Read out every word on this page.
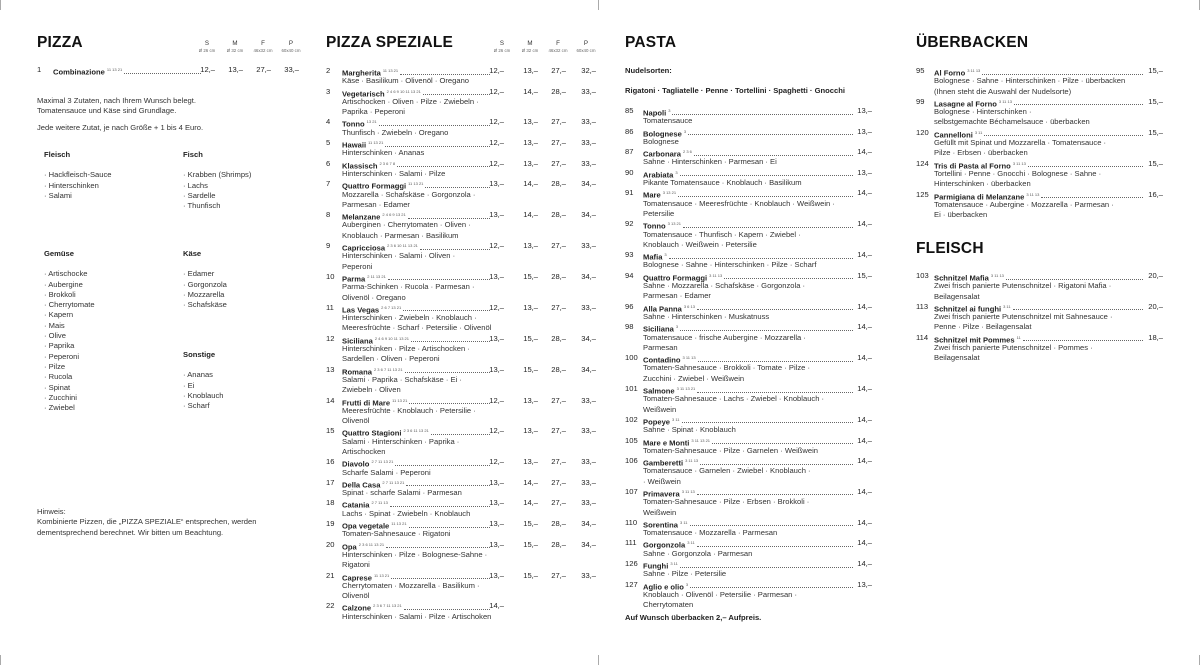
PIZZA	S
Ø 26 cm
M
Ø 32 cm
F
46x32 cm
P
60x40 cm
1	Combinazione $^{11 13 21}$	12,–	13,–	27,–	33,–
Maximal 3 Zutaten, nach Ihrem Wunsch belegt.
Tomatensauce und Käse sind Grundlage.
Jede weitere Zutat, je nach Größe + 1 bis 4 Euro.
Fleisch
· Hackfleisch-Sauce
· Hinterschinken
· Salami
Fisch
· Krabben (Shrimps)
· Lachs
· Sardelle
· Thunfisch
Gemüse
· Artischocke
· Aubergine
· Brokkoli
· Cherrytomate
· Kapern
· Mais
· Olive
· Paprika
· Peperoni
· Pilze
· Rucola
· Spinat
· Zucchini
· Zwiebel
Käse
· Edamer
· Gorgonzola
· Mozzarella
· Schafskäse
Sonstige
· Ananas
· Ei
· Knoblauch
· Scharf
Hinweis:
Kombinierte Pizzen, die „PIZZA SPEZIALE“ entsprechen, werden
dementsprechend berechnet. Wir bitten um Beachtung.
PIZZA SPEZIALE	S
Ø 26 cm
M
Ø 32 cm
F
46x32 cm
P
60x40 cm
2	Margherita $^{11 13 21}$	12,–	13,–	27,–	32,–
Käse · Basilikum · Olivenöl · Oregano
3	Vegetarisch $^{2 4 6 9 10 11 13 21}$	12,–	14,–	28,–	33,–
Artischocken · Oliven · Pilze · Zwiebeln ·
Paprika · Peperoni
4	Tonno $^{13 21}$	12,–	13,–	27,–	33,–
Thunfisch · Zwiebeln · Oregano
5	Hawaii $^{11 13 21}$	12,–	13,–	27,–	33,–
Hinterschinken · Ananas
6	Klassisch $^{2 3 6 7 8}$	12,–	13,–	27,–	33,–
Hinterschinken · Salami · Pilze
7	Quattro Formaggi $^{11 13 21}$	13,–	14,–	28,–	34,–
Mozzarella · Schafskäse · Gorgonzola ·
Parmesan · Edamer
8	Melanzane $^{2 4 6 9 13 21}$	13,–	14,–	28,–	34,–
Auberginen · Cherrytomaten · Oliven ·
Knoblauch · Parmesan · Basilikum
9	Capricciosa $^{2 3 6 10 11 13 21}$	12,–	13,–	27,–	33,–
Hinterschinken · Salami · Oliven ·
Peperoni
10 Parma $^{2 11 13 21}$	13,–	15,–	28,–	34,–
Parma-Schinken · Rucola · Parmesan ·
Olivenöl · Oregano
11	Las Vegas $^{2 6 7 13 21}$	12,–	13,–	27,–	33,–
Hinterschinken · Zwiebeln · Knoblauch ·
Meeresfrüchte · Scharf · Petersilie · Olivenöl
12 Siciliana $^{2 4 6 9 10 11 13 21}$	13,–	15,–	28,–	34,–
Hinterschinken · Pilze · Artischocken ·
Sardellen · Oliven · Peperoni
13 Romana $^{2 3 6 7 11 13 21}$	13,–	15,–	28,–	34,–
Salami · Paprika · Schafskäse · Ei ·
Zwiebeln · Oliven
14 Frutti di Mare $^{11 13 21}$	12,–	13,–	27,–	33,–
Meeresfrüchte · Knoblauch · Petersilie ·
Olivenöl
15 Quattro Stagioni $^{2 3 6 11 13 21}$	12,–	13,–	27,–	33,–
Salami · Hinterschinken · Paprika ·
Artischocken
16 Diavolo $^{2 7 11 13 21}$	12,–	13,–	27,–	33,–
Scharfe Salami · Peperoni
17 Della Casa $^{2 7 11 13 21}$	13,–	14,–	27,–	33,–
Spinat · scharfe Salami · Parmesan
18 Catania $^{2 7 11 13}$	13,–	14,–	27,–	33,–
Lachs · Spinat · Zwiebeln · Knoblauch
19 Opa vegetale $^{11 13 21}$	13,–	15,–	28,–	34,–
Tomaten-Sahnesauce · Rigatoni
20 Opa $^{2 3 6 11 13 21}$	13,–	15,–	28,–	34,–
Hinterschinken · Pilze · Bolognese-Sahne ·
Rigatoni
21 Caprese $^{11 13 21}$	13,–	15,–	27,–	33,–
Cherrytomaten · Mozzarella · Basilikum ·
Olivenöl
22 Calzone $^{2 3 6 7 11 13 21}$	14,–
Hinterschinken · Salami · Pilze · Artischoken
PASTA
Nudelsorten:
Rigatoni · Tagliatelle · Penne · Tortellini · Spaghetti · Gnocchi
85	Napoli $^3$	13,–
Tomatensauce
86	Bolognese $^3$	13,–
Bolognese
87	Carbonara $^{2 3 6}$	14,–
Sahne · Hinterschinken · Parmesan · Ei
90	Arabiata $^3$	13,–
Pikante Tomatensauce · Knoblauch · Basilikum
91	Mare $^{3 13 21}$	14,–
Tomatensauce · Meeresfrüchte · Knoblauch · Weißwein ·
Petersilie
92	Tonno $^{3 13 21}$	14,–
Tomatensauce · Thunfisch · Kapern · Zwiebel ·
Knoblauch · Weißwein · Petersilie
93	Mafia $^3$	14,–
Bolognese · Sahne · Hinterschinken · Pilze · Scharf
94	Quattro Formaggi $^{3 11 13}$	15,–
Sahne · Mozzarella · Schafskäse · Gorgonzola ·
Parmesan · Edamer
96	Alla Panna $^{3 6 13}$	14,–
Sahne · Hinterschinken · Muskatnuss
98	Siciliana $^3$	14,–
Tomatensauce · frische Aubergine · Mozzarella ·
Parmesan
100 Contadino $^{3 11 13}$	14,–
Tomaten-Sahnesauce · Brokkoli · Tomate · Pilze ·
Zucchini · Zwiebel · Weißwein
101 Salmone $^{3 11 13 21}$	14,–
Tomaten-Sahnesauce · Lachs · Zwiebel · Knoblauch ·
Weißwein
102 Popeye $^{3 11}$	14,–
Sahne · Spinat · Knoblauch
105 Mare e Monti $^{3 11 13 21}$	14,–
Tomaten-Sahnesauce · Pilze · Garnelen · Weißwein
106 Gamberetti $^{3 11 13}$	14,–
Tomatensauce · Garnelen · Zwiebel · Knoblauch ·
· Weißwein
107 Primavera $^{3 11 13}$	14,–
Tomaten-Sahnesauce · Pilze · Erbsen · Brokkoli ·
Weißwein
110 Sorentina $^{3 11}$	14,–
Tomatensauce · Mozzarella · Parmesan
111 Gorgonzola $^{3 11}$	14,–
Sahne · Gorgonzola · Parmesan
126 Funghi $^{3 11}$	14,–
Sahne · Pilze · Petersilie
127 Aglio e olio $^3$	13,–
Knoblauch · Olivenöl · Petersilie · Parmesan ·
Cherrytomaten
Auf Wunsch überbacken 2,– Aufpreis.
ÜBERBACKEN
95	Al Forno $^{3 11 13}$	15,–
Bolognese · Sahne · Hinterschinken · Pilze · überbacken
(Ihnen steht die Auswahl der Nudelsorte)
99	Lasagne al Forno $^{3 11 13}$	15,–
Bolognese · Hinterschinken ·
selbstgemachte Béchamelsauce · überbacken
120 Cannelloni $^{3 11}$	15,–
Gefüllt mit Spinat und Mozzarella · Tomatensauce ·
Pilze · Erbsen · überbacken
124 Tris di Pasta al Forno $^{3 11 13}$	15,–
Tortellini · Penne · Gnocchi · Bolognese · Sahne ·
Hinterschinken · überbacken
125 Parmigiana di Melanzane $^{3 11 13}$	16,–
Tomatensauce · Aubergine · Mozzarella · Parmesan ·
Ei · überbacken
FLEISCH
103 Schnitzel Mafia $^{3 11 13}$	20,–
Zwei frisch panierte Putenschnitzel · Rigatoni Mafia ·
Beilagensalat
113 Schnitzel ai funghi $^{3 11}$	20,–
Zwei frisch panierte Putenschnitzel mit Sahnesauce ·
Penne · Pilze · Beilagensalat
114 Schnitzel mit Pommes $^{11}$	18,–
Zwei frisch panierte Putenschnitzel · Pommes ·
Beilagensalat
